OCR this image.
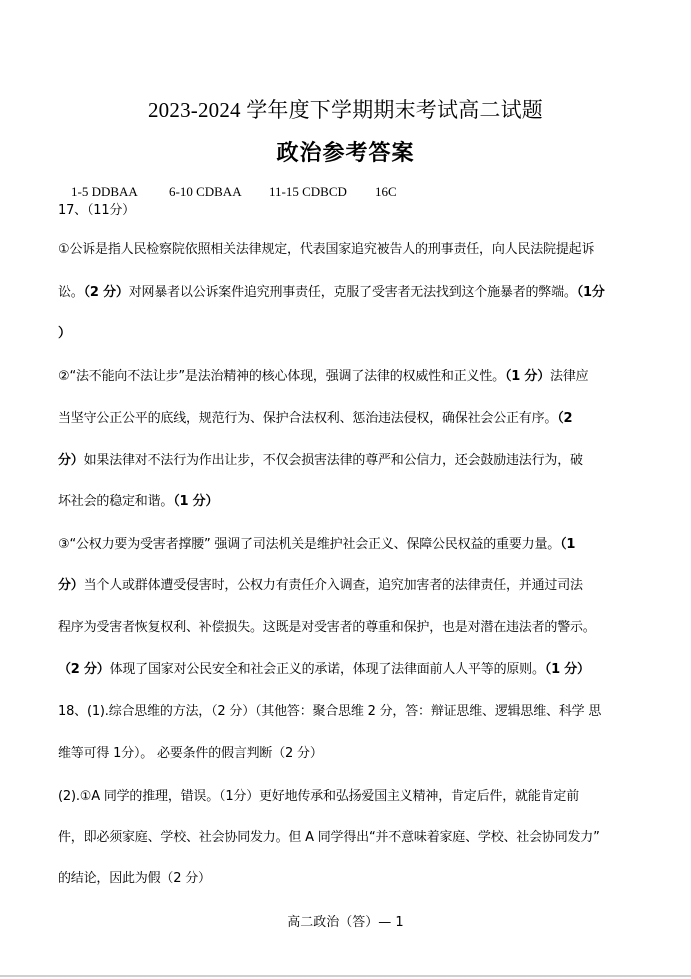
2023-2024 学年度下学期期末考试高二试题
政治参考答案

1-5 DDBAA 6-10 CDBAA 11-15 CDBCD 16C

17、（11分）
①公诉是指人民检察院依照相关法律规定，代表国家追究被告人的刑事责任，向人民法院提起诉
讼。（2 分）对网暴者以公诉案件追究刑事责任，克服了受害者无法找到这个施暴者的弊端。（1分
）
②“法不能向不法让步”是法治精神的核心体现，强调了法律的权威性和正义性。（1 分）法律应
当坚守公正公平的底线，规范行为、保护合法权利、惩治违法侵权，确保社会公正有序。（2
分）如果法律对不法行为作出让步，不仅会损害法律的尊严和公信力，还会鼓励违法行为，破
坏社会的稳定和谐。（1 分）
③“公权力要为受害者撑腰” 强调了司法机关是维护社会正义、保障公民权益的重要力量。（1
分）当个人或群体遭受侵害时，公权力有责任介入调查，追究加害者的法律责任，并通过司法
程序为受害者恢复权利、补偿损失。这既是对受害者的尊重和保护，也是对潜在违法者的警示。
（2 分）体现了国家对公民安全和社会正义的承诺，体现了法律面前人人平等的原则。（1 分）
18、(1).综合思维的方法，（2 分）（其他答：聚合思维 2 分，答：辩证思维、逻辑思维、科学 思
维等可得 1分）。 必要条件的假言判断（2 分）
(2).①A 同学的推理，错误。（1分）更好地传承和弘扬爱国主义精神，肯定后件，就能肯定前
件，即必须家庭、学校、社会协同发力。但 A 同学得出“并不意味着家庭、学校、社会协同发力”
的结论，因此为假（2 分）
高二政治（答）— 1
